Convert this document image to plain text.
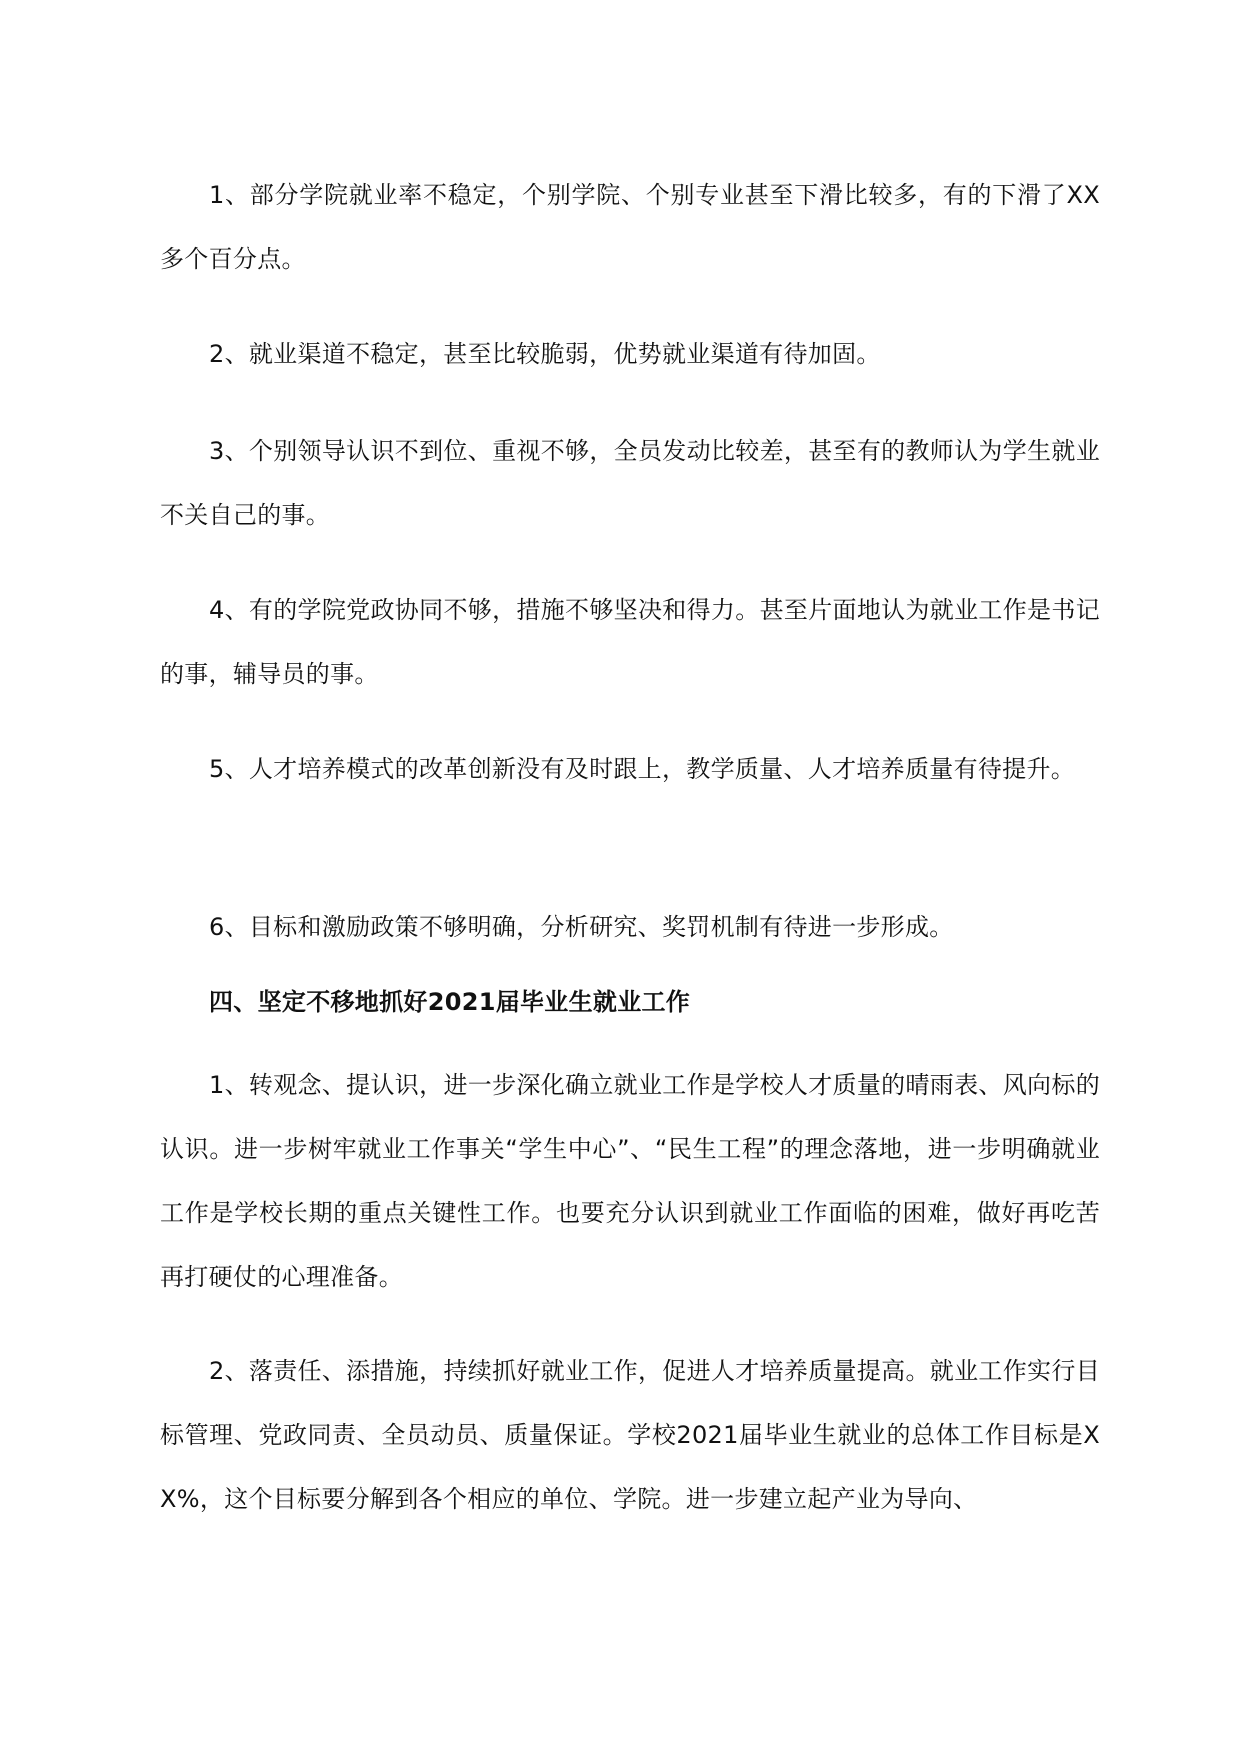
1、部分学院就业率不稳定，个别学院、个别专业甚至下滑比较多，有的下滑了XX多个百分点。

2、就业渠道不稳定，甚至比较脆弱，优势就业渠道有待加固。

3、个别领导认识不到位、重视不够，全员发动比较差，甚至有的教师认为学生就业不关自己的事。

4、有的学院党政协同不够，措施不够坚决和得力。甚至片面地认为就业工作是书记的事，辅导员的事。

5、人才培养模式的改革创新没有及时跟上，教学质量、人才培养质量有待提升。

6、目标和激励政策不够明确，分析研究、奖罚机制有待进一步形成。

四、坚定不移地抓好2021届毕业生就业工作

1、转观念、提认识，进一步深化确立就业工作是学校人才质量的晴雨表、风向标的认识。进一步树牢就业工作事关“学生中心”、“民生工程”的理念落地，进一步明确就业工作是学校长期的重点关键性工作。也要充分认识到就业工作面临的困难，做好再吃苦再打硬仗的心理准备。

2、落责任、添措施，持续抓好就业工作，促进人才培养质量提高。就业工作实行目标管理、党政同责、全员动员、质量保证。学校2021届毕业生就业的总体工作目标是XX%，这个目标要分解到各个相应的单位、学院。进一步建立起产业为导向、
